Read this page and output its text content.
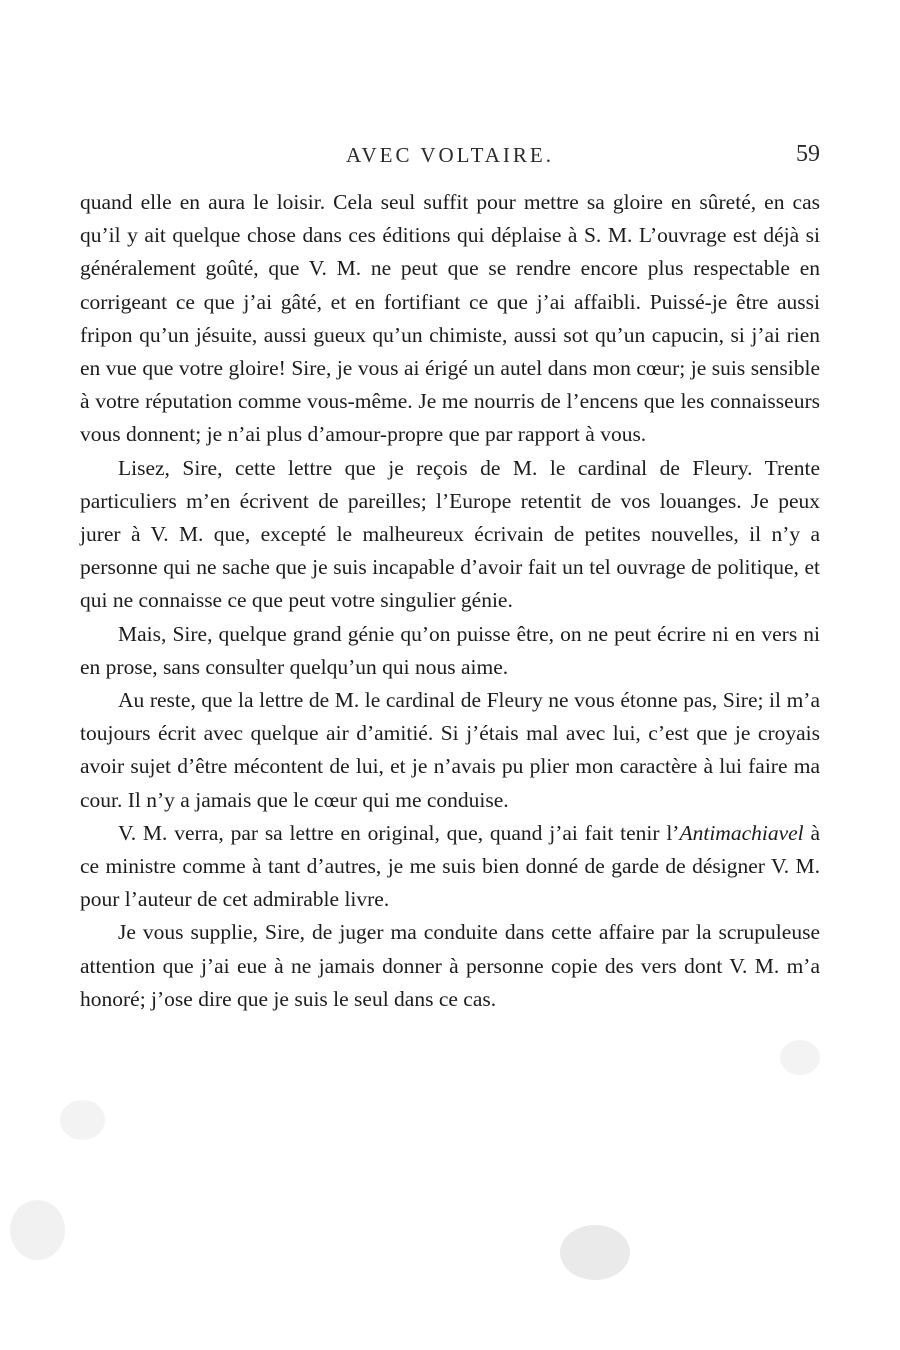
AVEC VOLTAIRE.	59

quand elle en aura le loisir. Cela seul suffit pour mettre sa gloire en sûreté, en cas qu’il y ait quelque chose dans ces éditions qui déplaise à S. M. L’ouvrage est déjà si généralement goûté, que V. M. ne peut que se rendre encore plus respectable en corrigeant ce que j’ai gâté, et en fortifiant ce que j’ai affaibli. Puissé-je être aussi fripon qu’un jésuite, aussi gueux qu’un chimiste, aussi sot qu’un capucin, si j’ai rien en vue que votre gloire! Sire, je vous ai érigé un autel dans mon cœur; je suis sensible à votre réputation comme vous-même. Je me nourris de l’encens que les connaisseurs vous donnent; je n’ai plus d’amour-propre que par rapport à vous.

Lisez, Sire, cette lettre que je reçois de M. le cardinal de Fleury. Trente particuliers m’en écrivent de pareilles; l’Europe retentit de vos louanges. Je peux jurer à V. M. que, excepté le malheureux écrivain de petites nouvelles, il n’y a personne qui ne sache que je suis incapable d’avoir fait un tel ouvrage de politique, et qui ne connaisse ce que peut votre singulier génie.

Mais, Sire, quelque grand génie qu’on puisse être, on ne peut écrire ni en vers ni en prose, sans consulter quelqu’un qui nous aime.

Au reste, que la lettre de M. le cardinal de Fleury ne vous étonne pas, Sire; il m’a toujours écrit avec quelque air d’amitié. Si j’étais mal avec lui, c’est que je croyais avoir sujet d’être mécontent de lui, et je n’avais pu plier mon caractère à lui faire ma cour. Il n’y a jamais que le cœur qui me conduise.

V. M. verra, par sa lettre en original, que, quand j’ai fait tenir l’Antimachiavel à ce ministre comme à tant d’autres, je me suis bien donné de garde de désigner V. M. pour l’auteur de cet admirable livre.

Je vous supplie, Sire, de juger ma conduite dans cette affaire par la scrupuleuse attention que j’ai eue à ne jamais donner à personne copie des vers dont V. M. m’a honoré; j’ose dire que je suis le seul dans ce cas.
